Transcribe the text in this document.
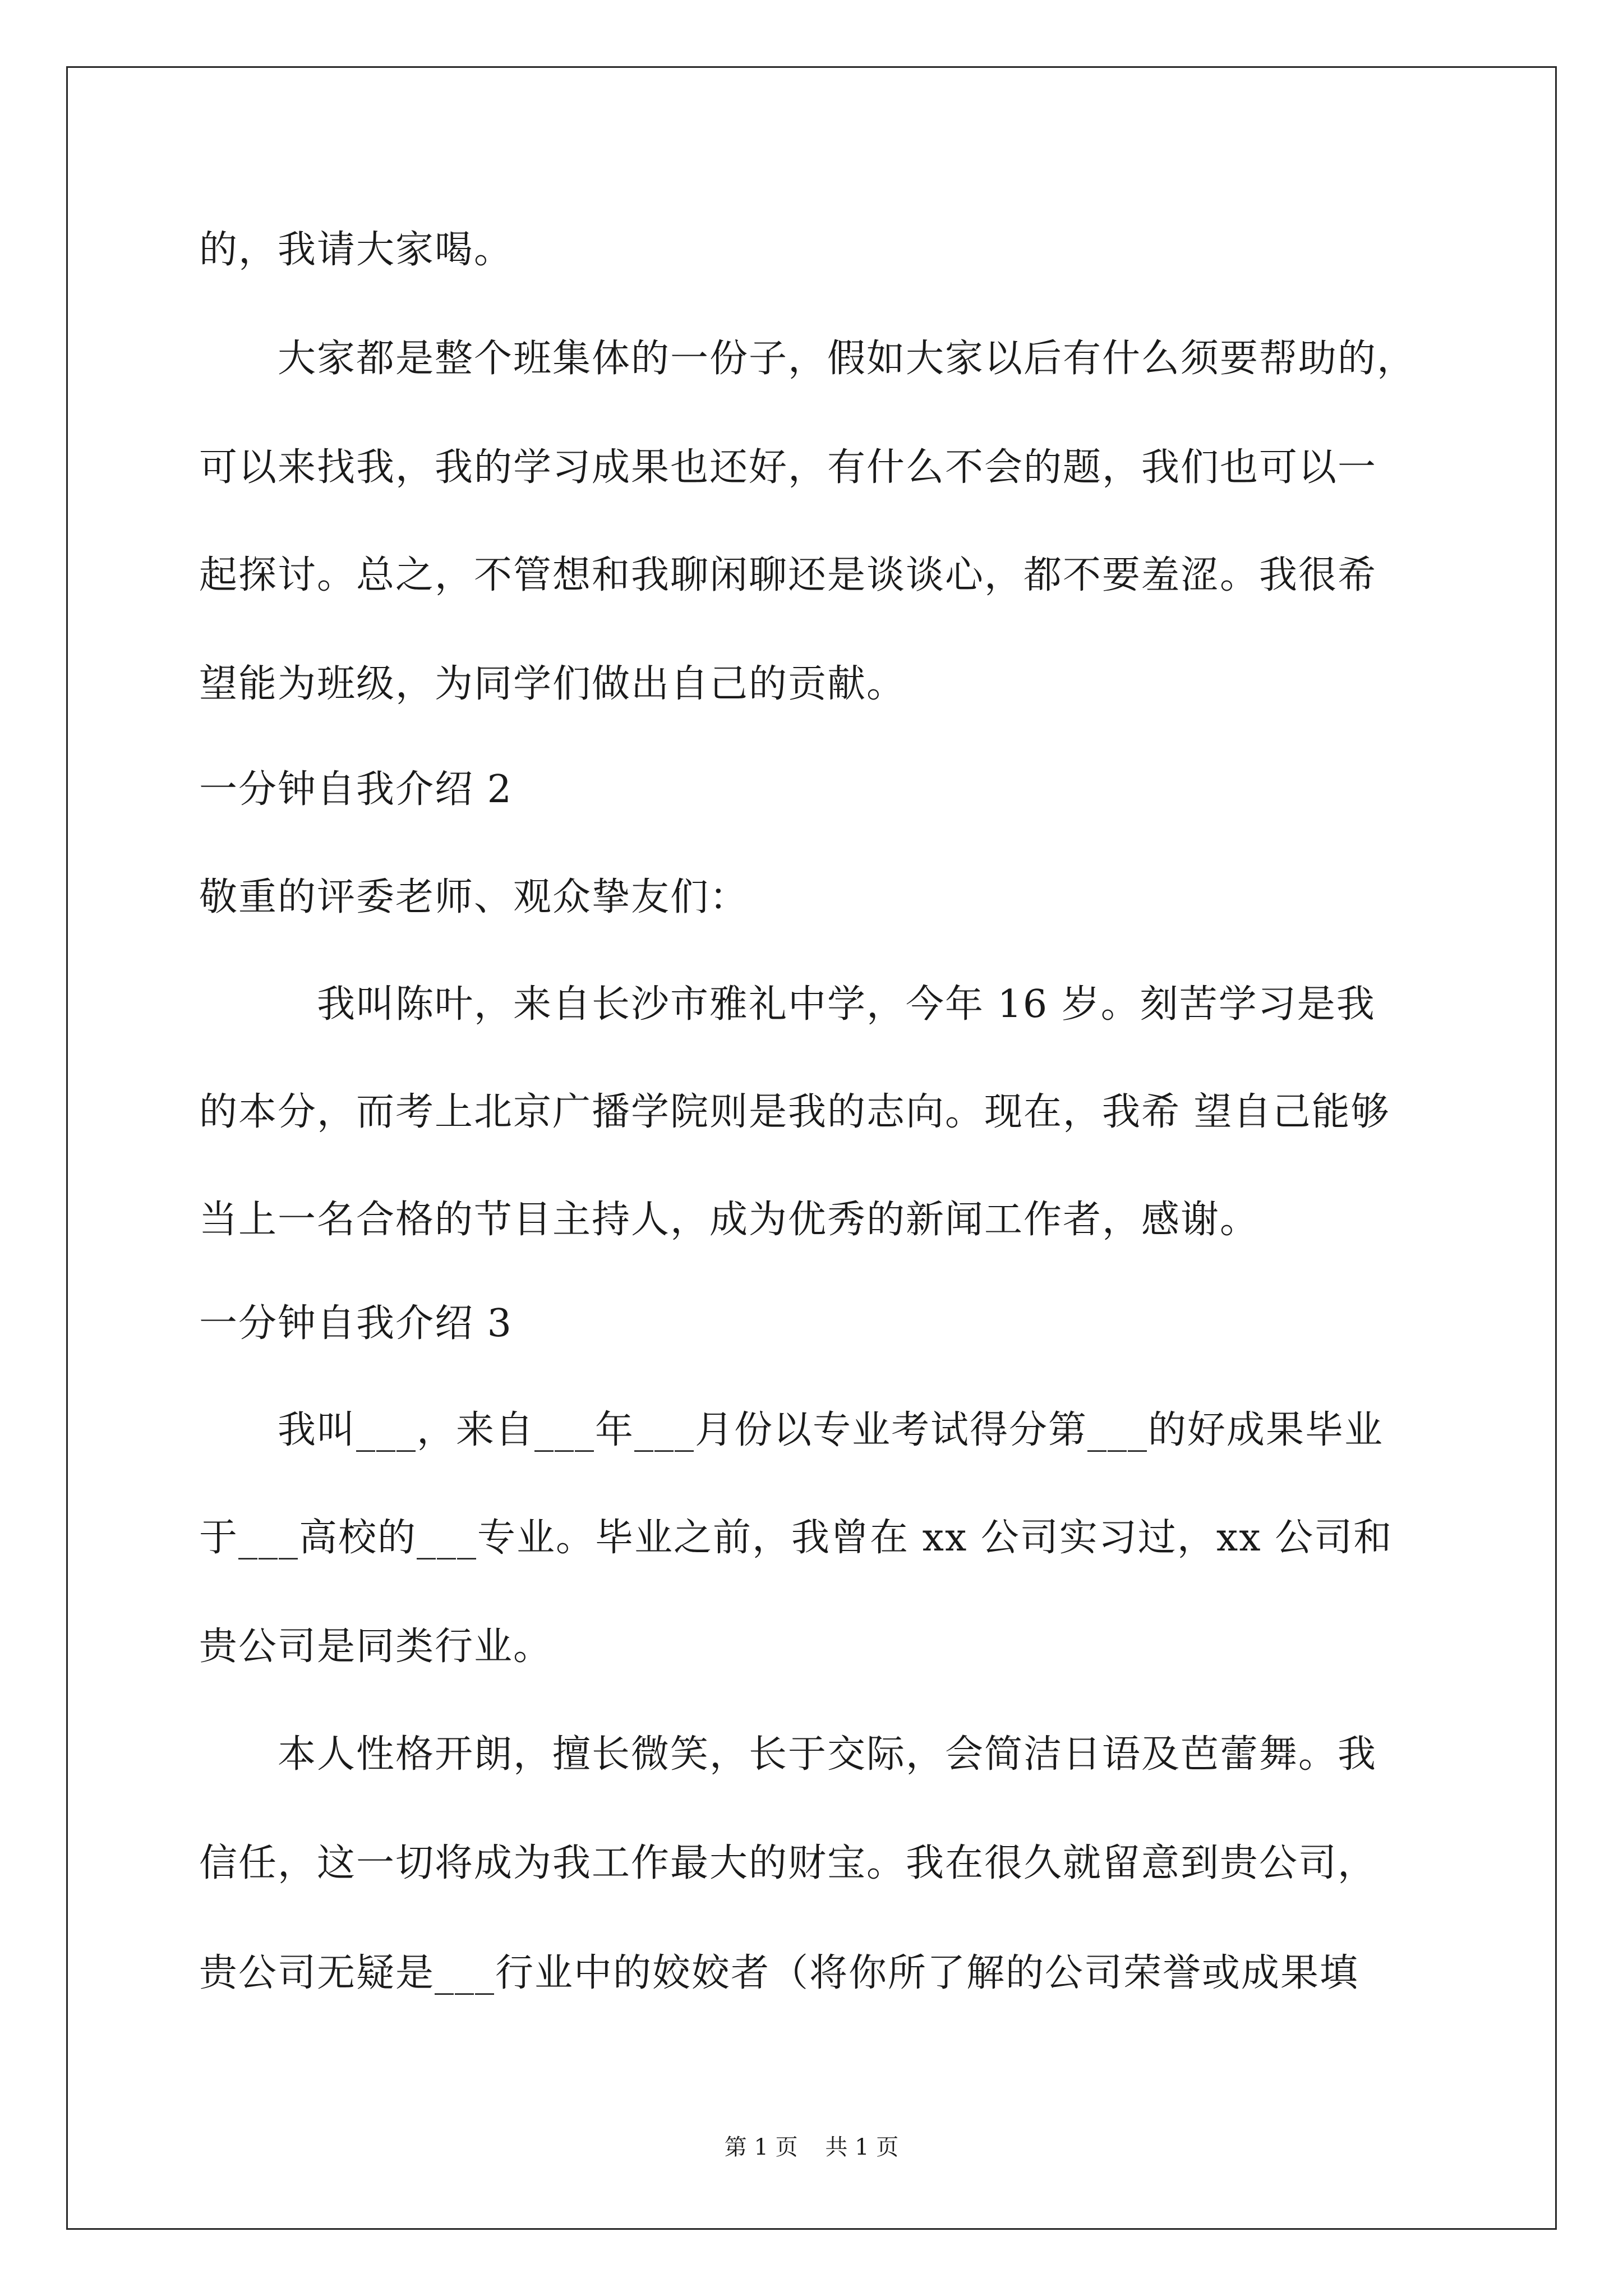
的，我请大家喝。
　　大家都是整个班集体的一份子，假如大家以后有什么须要帮助的，
可以来找我，我的学习成果也还好，有什么不会的题，我们也可以一
起探讨。总之，不管想和我聊闲聊还是谈谈心，都不要羞涩。我很希
望能为班级，为同学们做出自己的贡献。
一分钟自我介绍 2
敬重的评委老师、观众挚友们：
　　　我叫陈叶，来自长沙市雅礼中学，今年 16 岁。刻苦学习是我
的本分，而考上北京广播学院则是我的志向。现在，我希 望自己能够
当上一名合格的节目主持人，成为优秀的新闻工作者，感谢。
一分钟自我介绍 3
　　我叫___，来自___年___月份以专业考试得分第___的好成果毕业
于___高校的___专业。毕业之前，我曾在 xx 公司实习过，xx 公司和
贵公司是同类行业。
　　本人性格开朗，擅长微笑，长于交际，会简洁日语及芭蕾舞。我
信任，这一切将成为我工作最大的财宝。我在很久就留意到贵公司，
贵公司无疑是___行业中的姣姣者（将你所了解的公司荣誉或成果填
第 1 页 共 1 页
